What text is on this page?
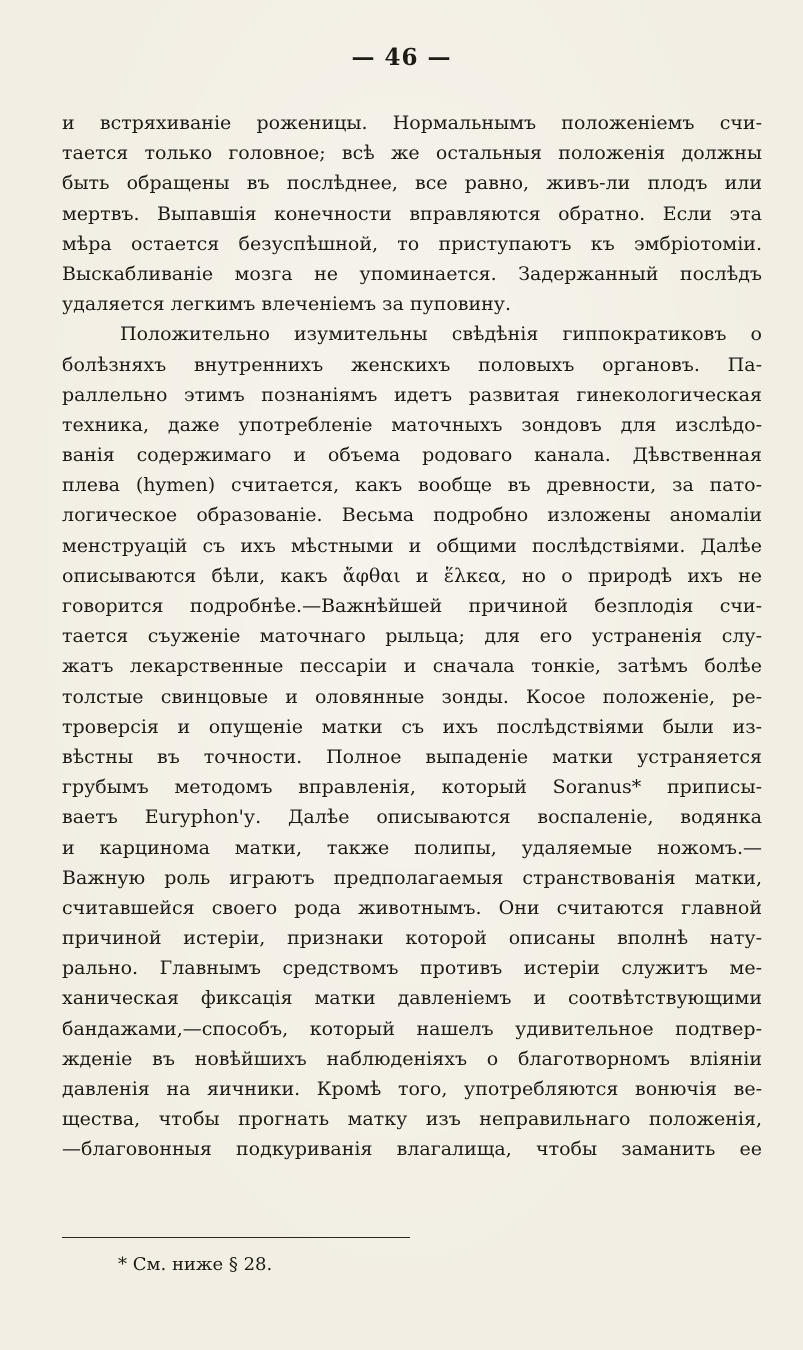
— 46 —
и встряхиваніе роженицы. Нормальнымъ положеніемъ счи-
тается только головное; всѣ же остальныя положенія должны
быть обращены въ послѣднее, все равно, живъ-ли плодъ или
мертвъ. Выпавшія конечности вправляются обратно. Если эта
мѣра остается безуспѣшной, то приступаютъ къ эмбріотоміи.
Выскабливаніе мозга не упоминается. Задержанный послѣдъ
удаляется легкимъ влеченіемъ за пуповину.
Положительно изумительны свѣдѣнія гиппократиковъ о
болѣзняхъ внутреннихъ женскихъ половыхъ органовъ. Па-
раллельно этимъ познаніямъ идетъ развитая гинекологическая
техника, даже употребленіе маточныхъ зондовъ для изслѣдо-
ванія содержимаго и объема родоваго канала. Дѣвственная
плева (hymen) считается, какъ вообще въ древности, за пато-
логическое образованіе. Весьма подробно изложены аномаліи
менструацій съ ихъ мѣстными и общими послѣдствіями. Далѣе
описываются бѣли, какъ ἄφθαι и ἕλκεα, но о природѣ ихъ не
говорится подробнѣе.—Важнѣйшей причиной безплодія счи-
тается съуженіе маточнаго рыльца; для его устраненія слу-
жатъ лекарственные пессаріи и сначала тонкіе, затѣмъ болѣе
толстые свинцовые и оловянные зонды. Косое положеніе, ре-
троверсія и опущеніе матки съ ихъ послѣдствіями были из-
вѣстны въ точности. Полное выпаденіе матки устраняется
грубымъ методомъ вправленія, который Soranus* приписы-
ваетъ Euryphon'у. Далѣе описываются воспаленіе, водянка
и карцинома матки, также полипы, удаляемые ножомъ.—
Важную роль играютъ предполагаемыя странствованія матки,
считавшейся своего рода животнымъ. Они считаются главной
причиной истеріи, признаки которой описаны вполнѣ нату-
рально. Главнымъ средствомъ противъ истеріи служитъ ме-
ханическая фиксація матки давленіемъ и соотвѣтствующими
бандажами,—способъ, который нашелъ удивительное подтвер-
жденіе въ новѣйшихъ наблюденіяхъ о благотворномъ вліяніи
давленія на яичники. Кромѣ того, употребляются вонючія ве-
щества, чтобы прогнать матку изъ неправильнаго положенія,
—благовонныя подкуриванія влагалища, чтобы заманить ее
* См. ниже § 28.
